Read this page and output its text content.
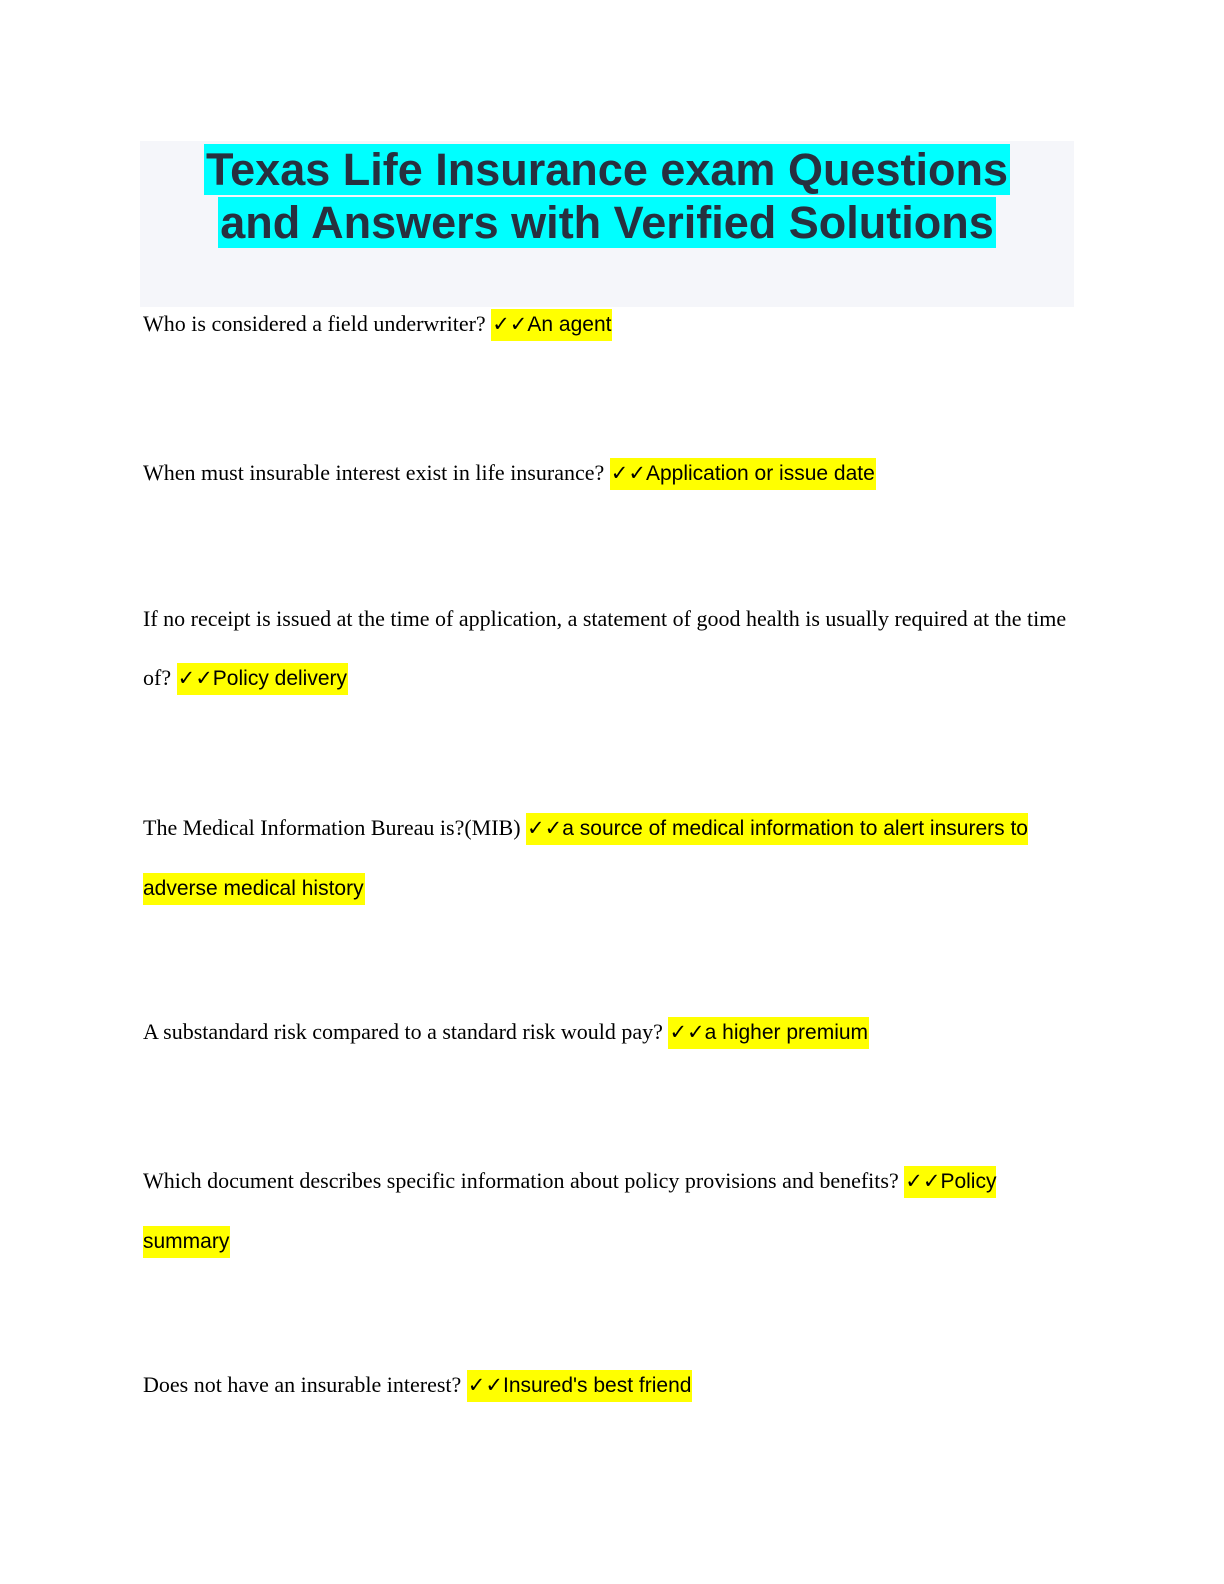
Texas Life Insurance exam Questions
and Answers with Verified Solutions

Who is considered a field underwriter? ✓✓An agent

When must insurable interest exist in life insurance? ✓✓Application or issue date

If no receipt is issued at the time of application, a statement of good health is usually required at the time of? ✓✓Policy delivery

The Medical Information Bureau is?(MIB) ✓✓a source of medical information to alert insurers to adverse medical history

A substandard risk compared to a standard risk would pay? ✓✓a higher premium

Which document describes specific information about policy provisions and benefits? ✓✓Policy summary

Does not have an insurable interest? ✓✓Insured's best friend
